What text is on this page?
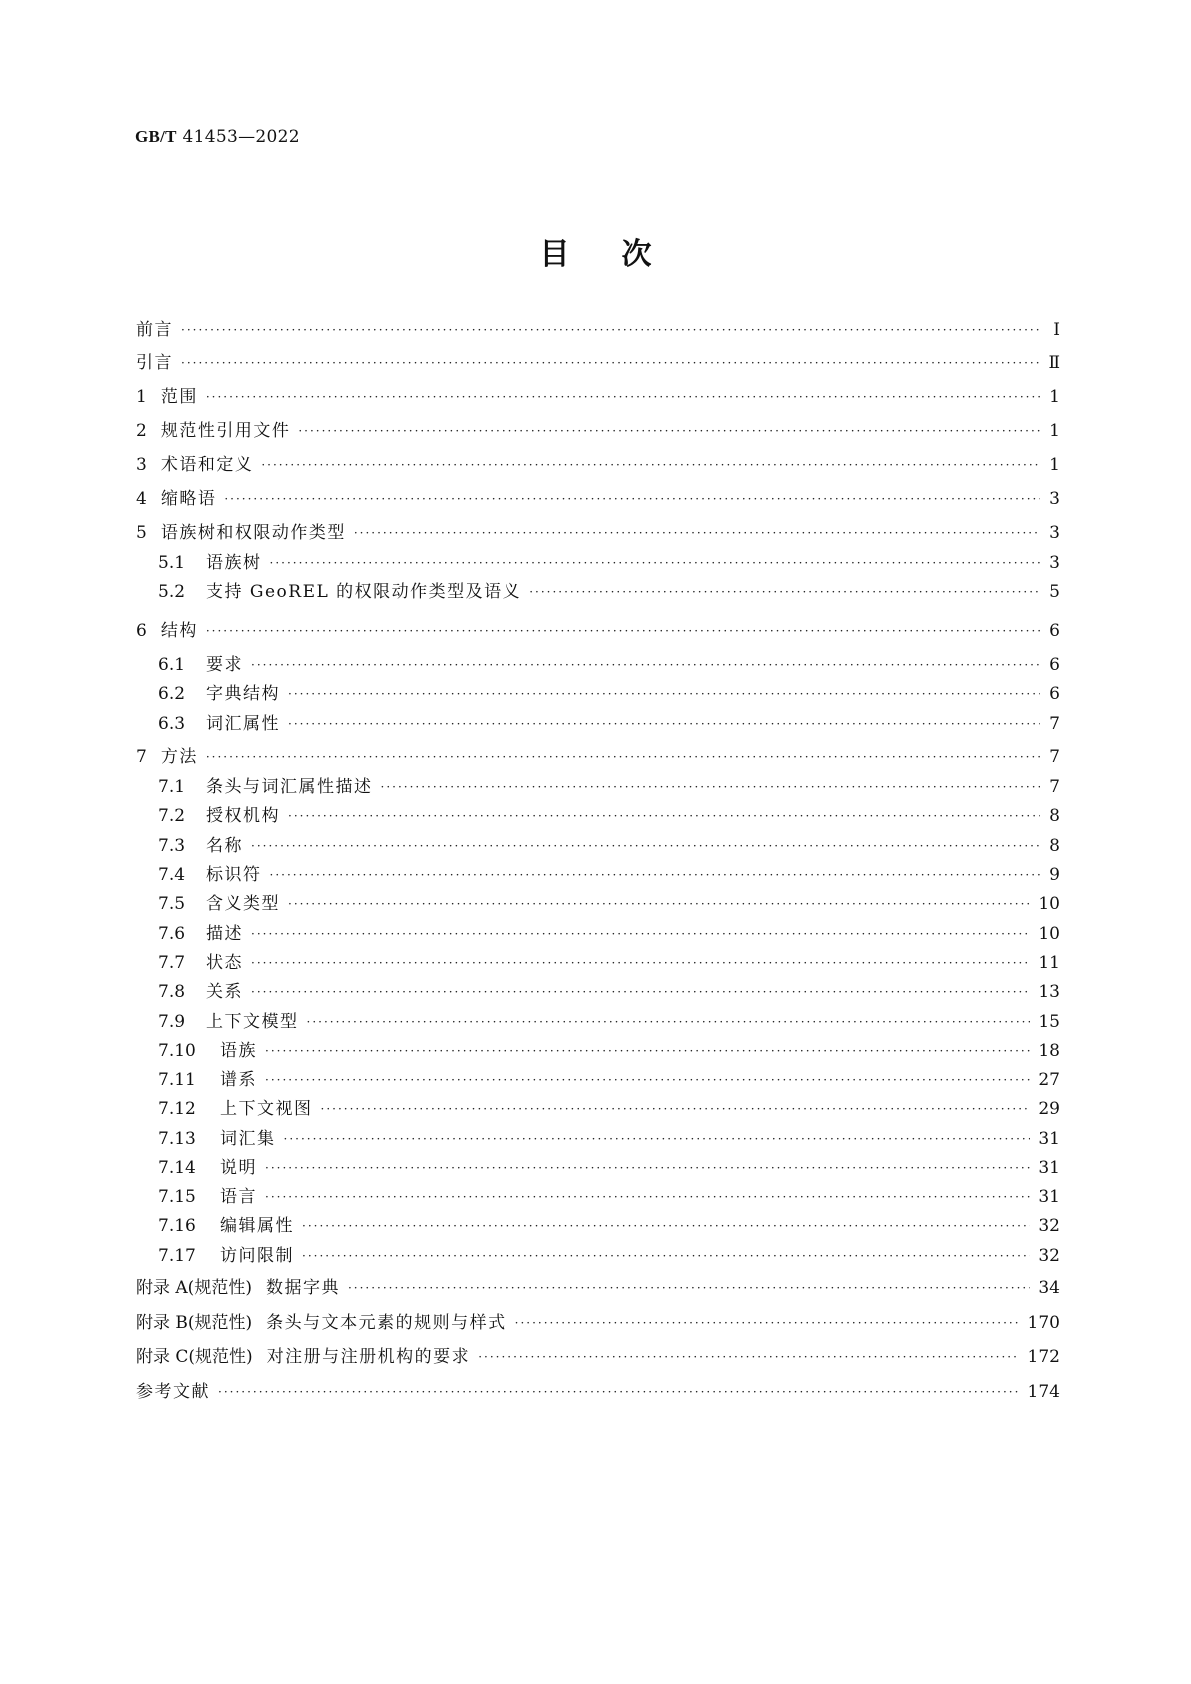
GB/T 41453—2022
目次
前言 ·····	Ⅰ
引言 ·····	Ⅱ
1 范围 ·····	1
2 规范性引用文件 ·····	1
3 术语和定义 ·····	1
4 缩略语 ·····	3
5 语族树和权限动作类型 ·····	3
5.1	语族树 ·····	3
5.2	支持 GeoREL 的权限动作类型及语义 ·····	5
6 结构 ·····	6
6.1	要求 ·····	6
6.2	字典结构 ·····	6
6.3	词汇属性 ·····	7
7 方法 ·····	7
7.1	条头与词汇属性描述 ·····	7
7.2	授权机构 ·····	8
7.3	名称 ·····	8
7.4	标识符 ·····	9
7.5	含义类型 ·····	10
7.6	描述 ·····	10
7.7	状态 ·····	11
7.8	关系 ·····	13
7.9	上下文模型 ·····	15
7.10	语族 ·····	18
7.11	谱系 ·····	27
7.12	上下文视图 ·····	29
7.13	词汇集 ·····	31
7.14	说明 ·····	31
7.15	语言 ·····	31
7.16	编辑属性 ·····	32
7.17	访问限制 ·····	32
附录 A(规范性) 数据字典 ·····	34
附录 B(规范性) 条头与文本元素的规则与样式 ·····	170
附录 C(规范性) 对注册与注册机构的要求 ·····	172
参考文献 ·····	174
